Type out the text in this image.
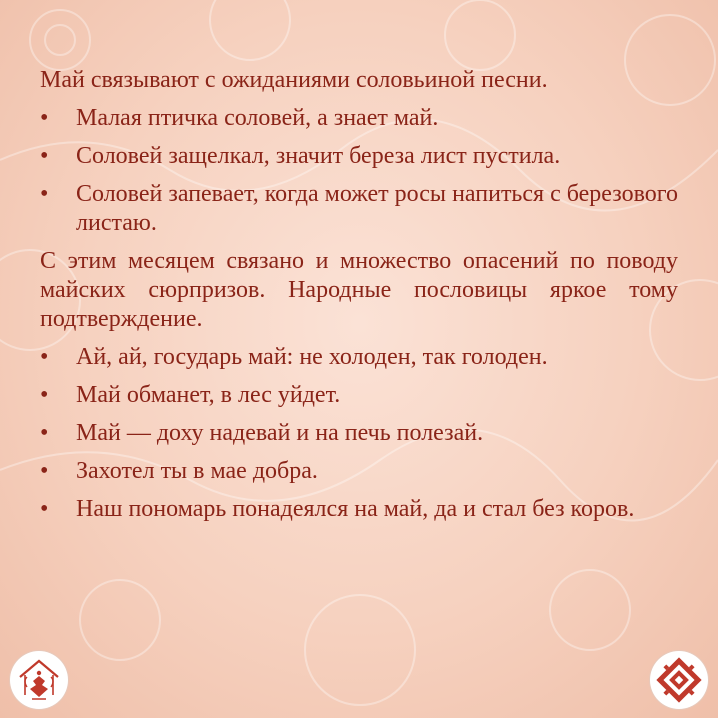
Май связывают с ожиданиями соловьиной песни.

•	Малая птичка соловей, а знает май.
•	Соловей защелкал, значит береза лист пустила.
•	Соловей запевает, когда может росы напиться с березового листаю.

С этим месяцем связано и множество опасений по поводу майских сюрпризов. Народные пословицы яркое тому подтверждение.

•	Ай, ай, государь май: не холоден, так голоден.
•	Май обманет, в лес уйдет.
•	Май — доху надевай и на печь полезай.
•	Захотел ты в мае добра.
•	Наш пономарь понадеялся на май, да и стал без коров.
